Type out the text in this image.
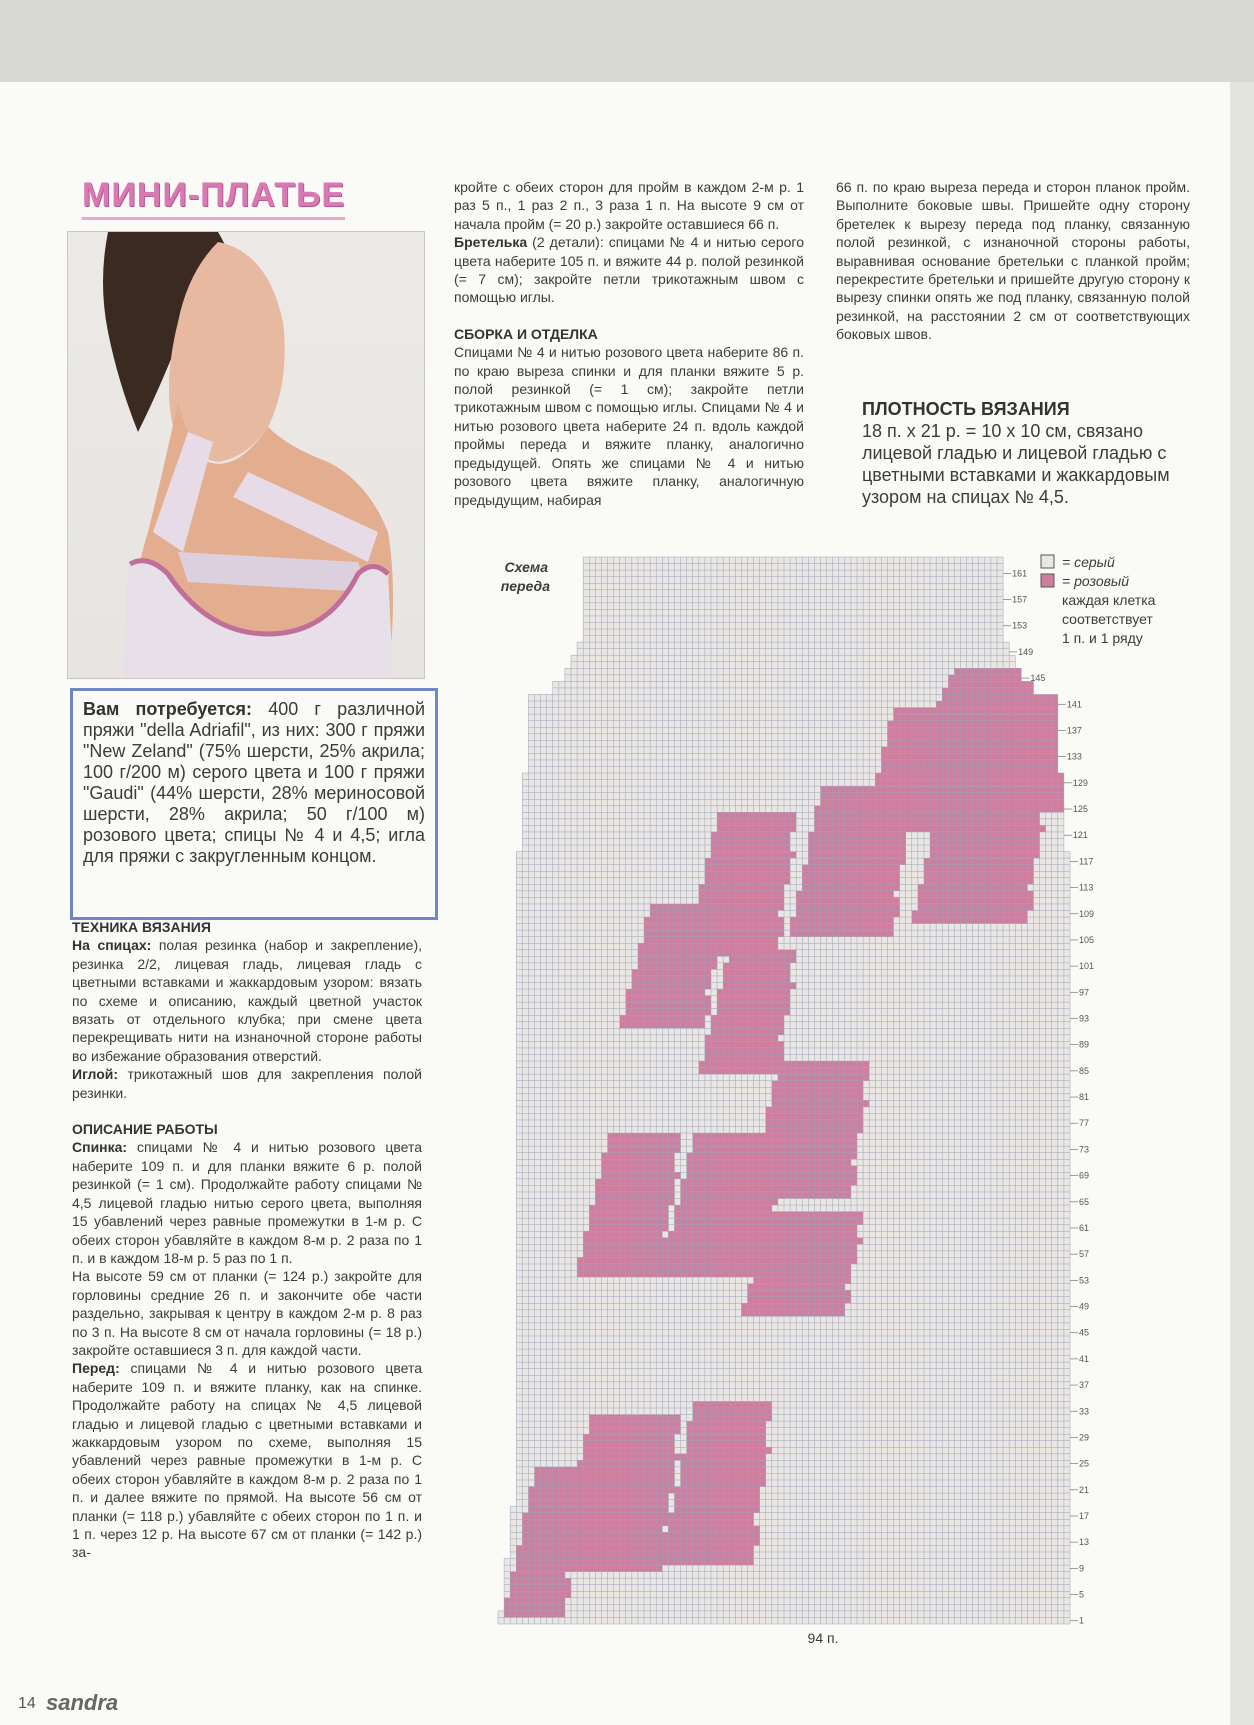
МИНИ-ПЛАТЬЕ
Вам потребуется: 400 г различной пряжи "della Adriafil", из них: 300 г пряжи "New Zeland" (75% шерсти, 25% акрила; 100 г/200 м) серого цвета и 100 г пряжи "Gaudi" (44% шерсти, 28% мериносовой шерсти, 28% акрила; 50 г/100 м) розового цвета; спицы № 4 и 4,5; игла для пряжи с закругленным концом.

ТЕХНИКА ВЯЗАНИЯ

На спицах: полая резинка (набор и закрепление), резинка 2/2, лицевая гладь, лицевая гладь с цветными вставками и жаккардовым узором: вязать по схеме и описанию, каждый цветной участок вязать от отдельного клубка; при смене цвета перекрещивать нити на изнаночной стороне работы во избежание образования отверстий.

Иглой: трикотажный шов для закрепления полой резинки.

ОПИСАНИЕ РАБОТЫ

Спинка: спицами № 4 и нитью розового цвета наберите 109 п. и для планки вяжите 6 р. полой резинкой (= 1 см). Продолжайте работу спицами № 4,5 лицевой гладью нитью серого цвета, выполняя 15 убавлений через равные промежутки в 1-м р. С обеих сторон убавляйте в каждом 8-м р. 2 раза по 1 п. и в каждом 18-м р. 5 раз по 1 п.

На высоте 59 см от планки (= 124 р.) закройте для горловины средние 26 п. и закончите обе части раздельно, закрывая к центру в каждом 2-м р. 8 раз по 3 п. На высоте 8 см от начала горловины (= 18 р.) закройте оставшиеся 3 п. для каждой части.

Перед: спицами № 4 и нитью розового цвета наберите 109 п. и вяжите планку, как на спинке. Продолжайте работу на спицах № 4,5 лицевой гладью и лицевой гладью с цветными вставками и жаккардовым узором по схеме, выполняя 15 убавлений через равные промежутки в 1-м р. С обеих сторон убавляйте в каждом 8-м р. 2 раза по 1 п. и далее вяжите по прямой. На высоте 56 см от планки (= 118 р.) убавляйте с обеих сторон по 1 п. и 1 п. через 12 р. На высоте 67 см от планки (= 142 р.) за-

кройте с обеих сторон для пройм в каждом 2-м р. 1 раз 5 п., 1 раз 2 п., 3 раза 1 п. На высоте 9 см от начала пройм (= 20 р.) закройте оставшиеся 66 п.

Бретелька (2 детали): спицами № 4 и нитью серого цвета наберите 105 п. и вяжите 44 р. полой резинкой (= 7 см); закройте петли трикотажным швом с помощью иглы.

СБОРКА И ОТДЕЛКА

Спицами № 4 и нитью розового цвета наберите 86 п. по краю выреза спинки и для планки вяжите 5 р. полой резинкой (= 1 см); закройте петли трикотажным швом с помощью иглы. Спицами № 4 и нитью розового цвета наберите 24 п. вдоль каждой проймы переда и вяжите планку, аналогично предыдущей. Опять же спицами № 4 и нитью розового цвета вяжите планку, аналогичную предыдущим, набирая

66 п. по краю выреза переда и сторон планок пройм. Выполните боковые швы. Пришейте одну сторону бретелек к вырезу переда под планку, связанную полой резинкой, с изнаночной стороны работы, выравнивая основание бретельки с планкой пройм; перекрестите бретельки и пришейте другую сторону к вырезу спинки опять же под планку, связанную полой резинкой, на расстоянии 2 см от соответствующих боковых швов.

ПЛОТНОСТЬ ВЯЗАНИЯ
18 п. х 21 р. = 10 х 10 см, связано лицевой гладью и лицевой гладью с цветными вставками и жаккардовым узором на спицах № 4,5.
1
5
9
13
17
21
25
29
33
37
41
45
49
53
57
61
65
69
73
77
81
85
89
93
97
101
105
109
113
117
121
125
129
133
137
141
145
149
153
157
161
Схема
переда
= серый
= розовый
каждая клетка
соответствует
1 п. и 1 ряду
94 п.
14 sandra
